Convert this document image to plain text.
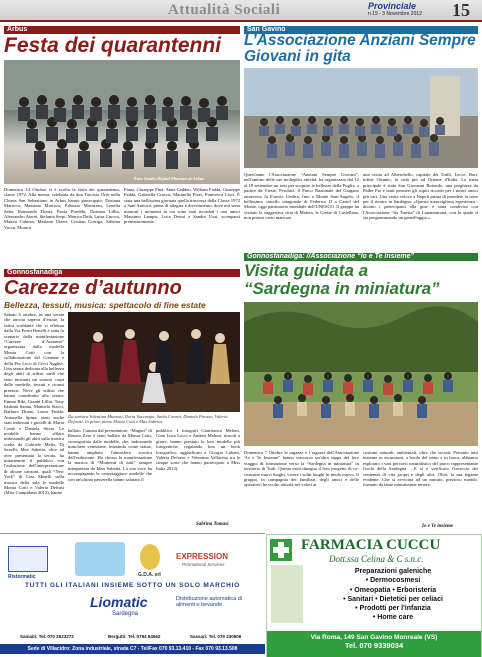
Attualità Sociali	Provinciale
n.19 - 3 Novembre 2012 15
Arbus
Festa dei quarantenni
Foto Studio Digital Photoart di Arbus
Domenica 14 Ottobre si è svolta la festa dei quarantenni, classe 1972. Alla messa, celebrata da don Tarcisio Orrù nella Chiesa San Sebastiano in Arbus hanno partecipato: Doriana Marrocu, Massimo Marrocu, Fabrizio Murruzzu, Lenella Saba, Raimondo Donzi, Paola Pireddu, Doriana Lilliu, Alessandro Atzori, Stefania Serpi, Monica Deiù, Luisa Cruccu, Matteo Cabitza, Mariano Utzeri, Cristian Corriga, Sabrina Vacca, Monica
Piana, Giuseppe Pinà, Anna Caddeo, William Fadda, Giuseppe Fadda, Gabriella Cruccu, Marinella Piras, Francesca Lisci. È stata una bellissima giornata quella trascorsa dalla Classe 1972 a Sant'Antioco, piena di allegria e divertimento, dove noi sono mancati i momenti in cui sono stati ricordati i cari amici Massimo Lampis, Luca Deiosi e Sandro Usai, scomparsi prematuramente.
Gonnosfanadiga
Carezze d’autunno
Bellezza, tessuti, musica: spettacolo di fine estate
Sabato 6 ottobre, in una serata che ancora sapeva d’estate, la fatica scaldante che si effettua dalla Via Porru Benelli è stata lo scenario della manifestazione “Carezze d’Autunno” organizzata dalla modella Monia Cotti con la collaborazione del Comune e della Pro Loco di Cicci Agghiò. Una serata dedicata alla bellezza degli abiti di stilisti sardi che sono mostrati sui sinuosi corpi delle modelle, tessuti e ricami preziosi. Nove gli stilisti che hanno contribuito alla serata: Emma Bibi, Gianni Lilliu, Tony Iriskmà Sanna, Manuela Stacci, Barbara Diana, Laura Podda, Antonella Spina; sono anche stati indossati i gioielli di Maria Conte e Daniela Sitzia. Le modelle hanno sfilato indossando gli abiti sulla musica scelta da Gabriele Melis, Dj Savelli, Max Sabetta, oltre ad aver presentato la serata, ha intrattenuto il pubblico con l'esibizione dell'interpretazione di alcune canzoni, quali “New York” di Liza Minelli sulla musica della sala le modelle Monia Cotti e Valeria Defrasi (Miss Campidano 2012), hanno
Da sinistra Valentina Muntoni, Ilaria Vaccargiu, Saida Coratti, Daniela Pirosso, Valeria Defraisi. In primo piano Monia Cotti e Max Sabetta.
ballato. Cantata dal presentatore, “Maguri” di Renato Zero è stato ballato da Monia Cotti, coreografata dalle modelle, che, indossando maschere veneziane, iniziando come statue, hanno ampliato l'atmosfera scenica dell'esibizione. Ha chiuso la manifestazione la musica di “Momenti di tutti” sempre interpretata da Max Sabetta. La sua voce ha accompagnato le veneziaggiuce modelle che con un'ultima passerella hanno salutato il
pubblico. I fotografi Gianfranco Meloni, Gian Luca Locci e Andrea Meloni, riusciti a girare, hanno prestato le loro modelle più fotogeniche, regalando loro un book fotografico, aggiudicato a Giorgia Caboni, Valeria Defraisi e Valentina Vallacesu tra le cinque sorte che hanno partecipato a Miss Italia 2012).
Sabrina Tomasi
San Gavino
L’Associazione Anziani Sempre
Giovani in gita
Quest'anno l'Associazione “Anziani Sempre Giovani”, nell'ambito delle sue molteplici attività, ha organizzato dal 12 al 18 settembre un tour per scoprire le bellezze della Puglia, a partire da Vieste, Peschici, il Parco Nazionale del Gargano attraverso la Foresta Umbra, fino a Monte Sant'Angelo, il bellissimo castello ottagonale di Federico II a Castel del Monte, oggi patrimonio mondiale dell'UNESCO. Il gruppo ha visitato la suggestiva città di Matera, le Grotte di Castellana, non potava certo mancare
una visita ad Alberobello, capitale dei Trulli, Lecce, Bari, infine Otranto, la città più ad Oriente d'Italia. La meta principale è stata San Giovanni Rotondo, una preghiera da Padre Pio e tanti pensieri gli ospiti ricordo per i nostri amici più cari. Una visita veloce a Napoli prima di prendere la nave per il rientro in Sardegna. «Questa meravigliosa esperienza -dicono i partecipanti alla gita- è stata condivisa con l'Associazione “Sa Turrita” di Lunamatrona, con la quale si sta programmando un gemellaggio.»
Gonnosfanadiga: //Associazione “Io e Te Insieme”
Visita guidata a
“Sardegna in miniatura”
Domenica 7 Ottobre le ragazze e i ragazzi dell'Associazione “Io e Te Insieme” hanno trascorso un'altra tappa del loro viaggio di formazione verso la “Sardegna in miniatura” in territorio di Tuili. Questa esita dinegua il loro progetto di co-costruire nuovi luoghi, vivere i soliti luoghi in modo nuovo. Il gruppo, in compagnia dei familiari, degli amici e delle operatrici ha svolto attività nei valori ai
costumi naturali, ambientali, oltre che sociali. Pertanto tutti insieme in escursioni, a bordo del treno e in barca, abbiamo esplorato i vari percorsi naturalistici del parco rappresentante l'isola della Sardegna. ...E si è verificato l'incrocio dei contenuti di vita propri e degli altri. Oltre, la sua legame evidente. Che si avvicina ad un minuto, prezioso mondo, formato da tante minutissime terrere.
Io e Te insieme
Ristormatic	G.D.A. srl
EXPRESSION
Promotional Services
TUTTI GLI ITALIANI INSIEME SOTTO UN SOLO MARCHIO
Liomatic
Sardegna
Distribuzione automatica di alimenti e bevande
Samaiti: Tel. 070 2923272	Bergutti: Tel. 0784 94562	Sassari: Tel. 079 230506
Sede di Villacidro: Zona industriale, strada C7 - Tel/Fax 070 93.13.410 - Fax 070 93.13.508
FARMACIA CUCCU
Dott.ssa Celina & C s.n.c.
Preparazioni galeniche
• Dermocosmesi
• Omeopatia • Erboristeria
• Sanitari • Dietetici per celiaci
• Prodotti per l'infanzia
• Home care
Via Roma, 149 San Gavino Monreale (VS)
Tel. 070 9339034
